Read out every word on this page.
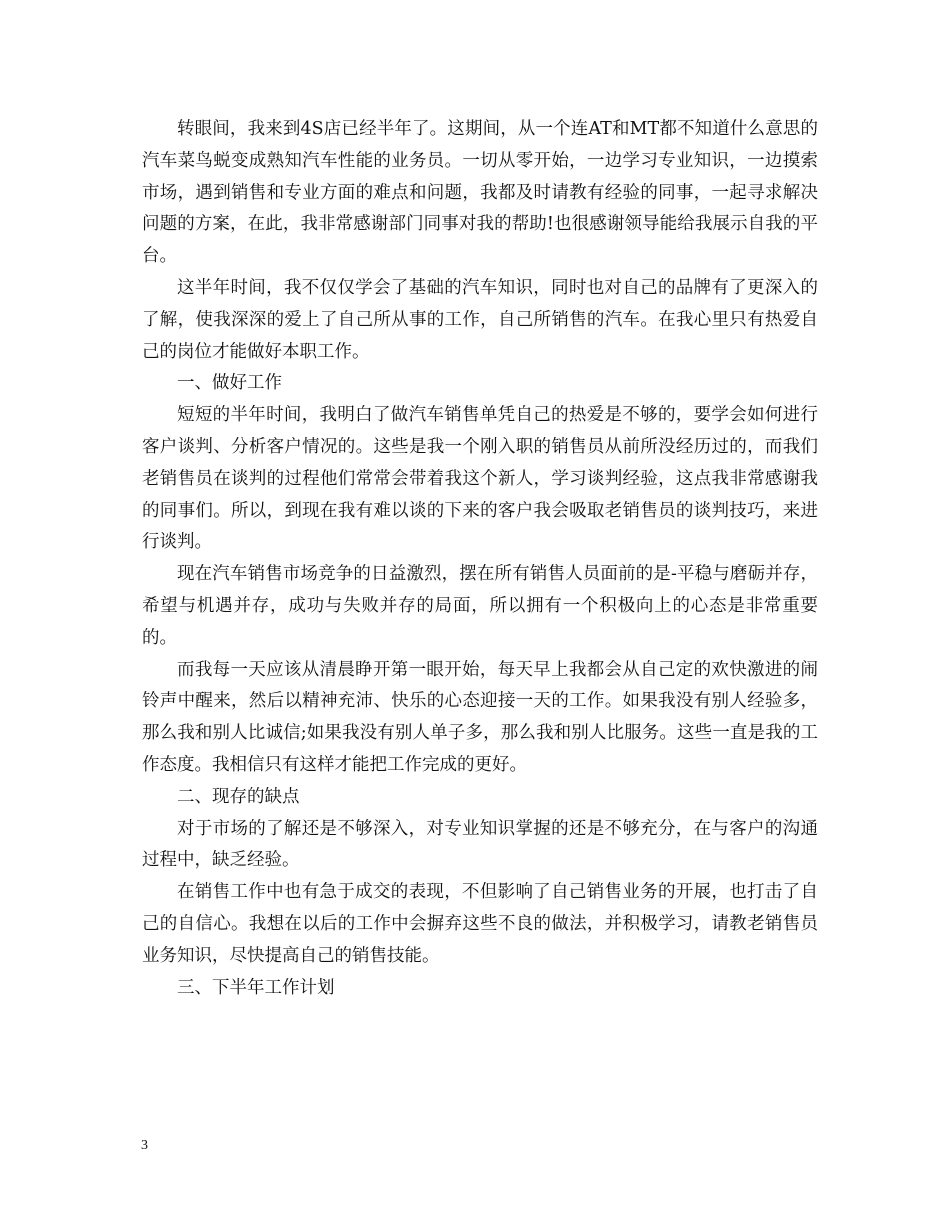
转眼间，我来到4S店已经半年了。这期间，从一个连AT和MT都不知道什么意思的汽车菜鸟蜕变成熟知汽车性能的业务员。一切从零开始，一边学习专业知识，一边摸索市场，遇到销售和专业方面的难点和问题，我都及时请教有经验的同事，一起寻求解决问题的方案，在此，我非常感谢部门同事对我的帮助!也很感谢领导能给我展示自我的平台。

这半年时间，我不仅仅学会了基础的汽车知识，同时也对自己的品牌有了更深入的了解，使我深深的爱上了自己所从事的工作，自己所销售的汽车。在我心里只有热爱自己的岗位才能做好本职工作。

一、做好工作

短短的半年时间，我明白了做汽车销售单凭自己的热爱是不够的，要学会如何进行客户谈判、分析客户情况的。这些是我一个刚入职的销售员从前所没经历过的，而我们老销售员在谈判的过程他们常常会带着我这个新人，学习谈判经验，这点我非常感谢我的同事们。所以，到现在我有难以谈的下来的客户我会吸取老销售员的谈判技巧，来进行谈判。

现在汽车销售市场竞争的日益激烈，摆在所有销售人员面前的是-平稳与磨砺并存，希望与机遇并存，成功与失败并存的局面，所以拥有一个积极向上的心态是非常重要的。

而我每一天应该从清晨睁开第一眼开始，每天早上我都会从自己定的欢快激进的闹铃声中醒来，然后以精神充沛、快乐的心态迎接一天的工作。如果我没有别人经验多，那么我和别人比诚信;如果我没有别人单子多，那么我和别人比服务。这些一直是我的工作态度。我相信只有这样才能把工作完成的更好。

二、现存的缺点

对于市场的了解还是不够深入，对专业知识掌握的还是不够充分，在与客户的沟通过程中，缺乏经验。

在销售工作中也有急于成交的表现，不但影响了自己销售业务的开展，也打击了自己的自信心。我想在以后的工作中会摒弃这些不良的做法，并积极学习，请教老销售员业务知识，尽快提高自己的销售技能。

三、下半年工作计划

3
